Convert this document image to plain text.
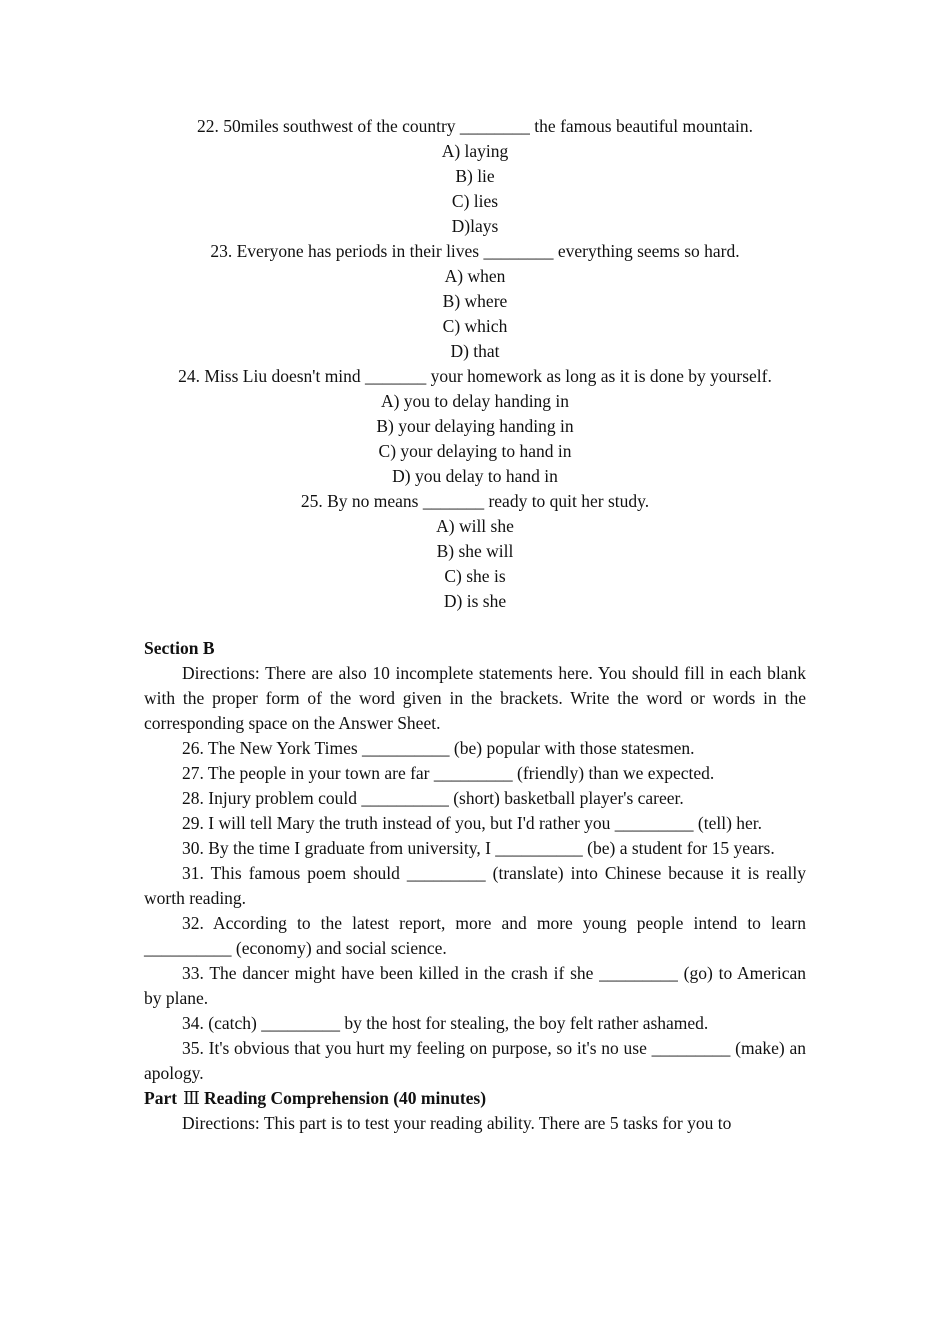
22. 50miles southwest of the country ________ the famous beautiful mountain.
A) laying
B) lie
C) lies
D)lays
23. Everyone has periods in their lives ________ everything seems so hard.
A) when
B) where
C) which
D) that
24. Miss Liu doesn't mind _______ your homework as long as it is done by yourself.
A) you to delay handing in
B) your delaying handing in
C) your delaying to hand in
D) you delay to hand in
25. By no means _______ ready to quit her study.
A) will she
B) she will
C) she is
D) is she
Section B
Directions: There are also 10 incomplete statements here. You should fill in each blank with the proper form of the word given in the brackets. Write the word or words in the corresponding space on the Answer Sheet.
26. The New York Times __________ (be) popular with those statesmen.
27. The people in your town are far _________ (friendly) than we expected.
28. Injury problem could __________ (short) basketball player's career.
29. I will tell Mary the truth instead of you, but I'd rather you _________ (tell) her.
30. By the time I graduate from university, I __________ (be) a student for 15 years.
31. This famous poem should _________ (translate) into Chinese because it is really worth reading.
32. According to the latest report, more and more young people intend to learn __________ (economy) and social science.
33. The dancer might have been killed in the crash if she _________ (go) to American by plane.
34. (catch) _________ by the host for stealing, the boy felt rather ashamed.
35. It's obvious that you hurt my feeling on purpose, so it's no use _________ (make) an apology.
Part Ⅲ Reading Comprehension (40 minutes)
Directions: This part is to test your reading ability. There are 5 tasks for you to
